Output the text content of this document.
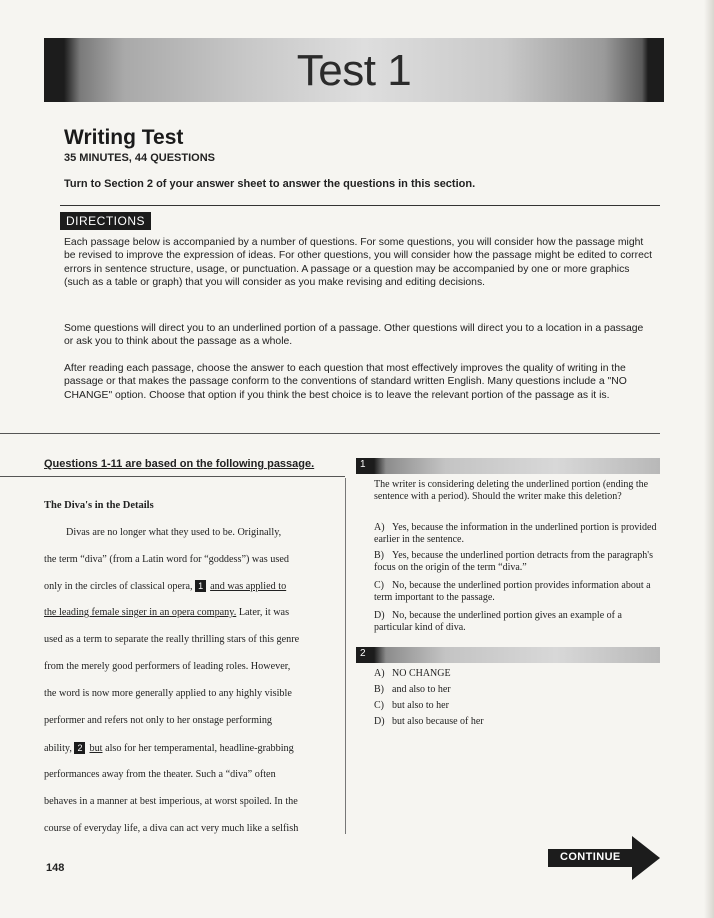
Test 1
Writing Test
35 MINUTES, 44 QUESTIONS
Turn to Section 2 of your answer sheet to answer the questions in this section.
DIRECTIONS
Each passage below is accompanied by a number of questions. For some questions, you will consider how the passage might be revised to improve the expression of ideas. For other questions, you will consider how the passage might be edited to correct errors in sentence structure, usage, or punctuation. A passage or a question may be accompanied by one or more graphics (such as a table or graph) that you will consider as you make revising and editing decisions.
Some questions will direct you to an underlined portion of a passage. Other questions will direct you to a location in a passage or ask you to think about the passage as a whole.
After reading each passage, choose the answer to each question that most effectively improves the quality of writing in the passage or that makes the passage conform to the conventions of standard written English. Many questions include a "NO CHANGE" option. Choose that option if you think the best choice is to leave the relevant portion of the passage as it is.
Questions 1-11 are based on the following passage.
The Diva's in the Details
Divas are no longer what they used to be. Originally,
the term “diva” (from a Latin word for “goddess”) was used
only in the circles of classical opera, 1 and was applied to
the leading female singer in an opera company. Later, it was
used as a term to separate the really thrilling stars of this genre
from the merely good performers of leading roles. However,
the word is now more generally applied to any highly visible
performer and refers not only to her onstage performing
ability, 2 but also for her temperamental, headline-grabbing
performances away from the theater. Such a “diva” often
behaves in a manner at best imperious, at worst spoiled. In the
course of everyday life, a diva can act very much like a selfish
1
The writer is considering deleting the underlined portion (ending the sentence with a period). Should the writer make this deletion?
A) Yes, because the information in the underlined portion is provided earlier in the sentence.
B) Yes, because the underlined portion detracts from the paragraph's focus on the origin of the term “diva.”
C) No, because the underlined portion provides information about a term important to the passage.
D) No, because the underlined portion gives an example of a particular kind of diva.
2
A) NO CHANGE
B) and also to her
C) but also to her
D) but also because of her
148
CONTINUE
